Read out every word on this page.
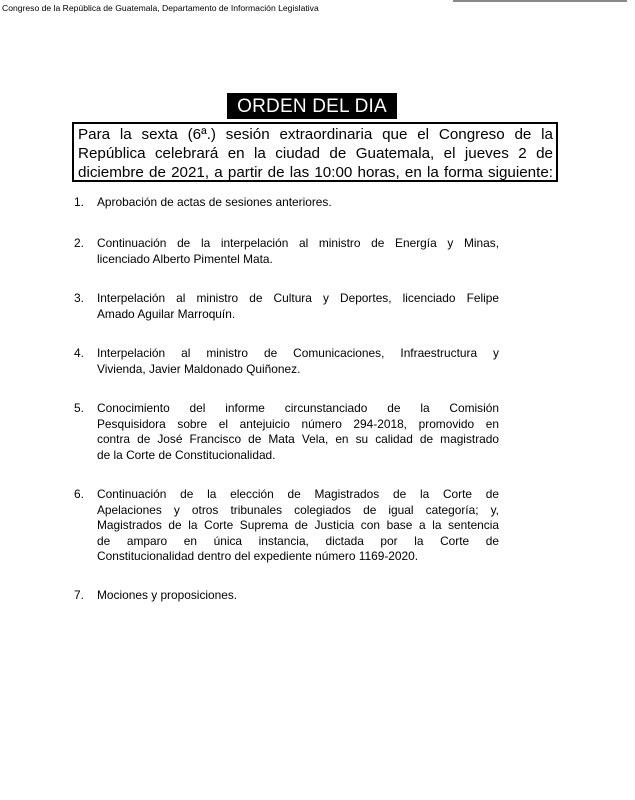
Congreso de la República de Guatemala, Departamento de Información Legislativa
ORDEN DEL DIA
Para la sexta (6ª.) sesión extraordinaria que el Congreso de la
República celebrará en la ciudad de Guatemala, el jueves 2 de
diciembre de 2021, a partir de las 10:00 horas, en la forma siguiente:
1. Aprobación de actas de sesiones anteriores.
2. Continuación de la interpelación al ministro de Energía y Minas,
licenciado Alberto Pimentel Mata.
3. Interpelación al ministro de Cultura y Deportes, licenciado Felipe
Amado Aguilar Marroquín.
4. Interpelación al ministro de Comunicaciones, Infraestructura y
Vivienda, Javier Maldonado Quiñonez.
5. Conocimiento del informe circunstanciado de la Comisión
Pesquisidora sobre el antejuicio número 294-2018, promovido en
contra de José Francisco de Mata Vela, en su calidad de magistrado
de la Corte de Constitucionalidad.
6. Continuación de la elección de Magistrados de la Corte de
Apelaciones y otros tribunales colegiados de igual categoría; y,
Magistrados de la Corte Suprema de Justicia con base a la sentencia
de amparo en única instancia, dictada por la Corte de
Constitucionalidad dentro del expediente número 1169-2020.
7. Mociones y proposiciones.
